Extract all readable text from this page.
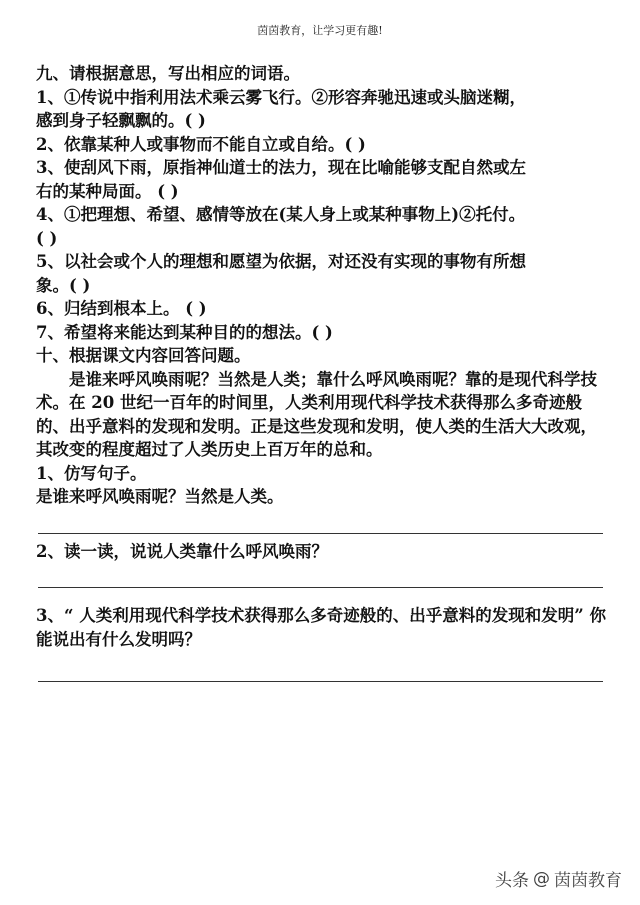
茵茵教育，让学习更有趣!
九、请根据意思，写出相应的词语。
1、①传说中指利用法术乘云雾飞行。②形容奔驰迅速或头脑迷糊，
感到身子轻飘飘的。( )
2、依靠某种人或事物而不能自立或自给。( )
3、使刮风下雨，原指神仙道士的法力，现在比喻能够支配自然或左
右的某种局面。 ( )
4、①把理想、希望、感情等放在(某人身上或某种事物上)②托付。
( )
5、以社会或个人的理想和愿望为依据，对还没有实现的事物有所想
象。( )
6、归结到根本上。 ( )
7、希望将来能达到某种目的的想法。( )
十、根据课文内容回答问题。
是谁来呼风唤雨呢？当然是人类；靠什么呼风唤雨呢？靠的是现代科学技术。在 20 世纪一百年的时间里，人类利用现代科学技术获得那么多奇迹般的、出乎意料的发现和发明。正是这些发现和发明，使人类的生活大大改观，其改变的程度超过了人类历史上百万年的总和。
1、仿写句子。
是谁来呼风唤雨呢？当然是人类。
2、读一读，说说人类靠什么呼风唤雨？
3、“ 人类利用现代科学技术获得那么多奇迹般的、出乎意料的发现和发明” 你能说出有什么发明吗？
头条 @ 茵茵教育
